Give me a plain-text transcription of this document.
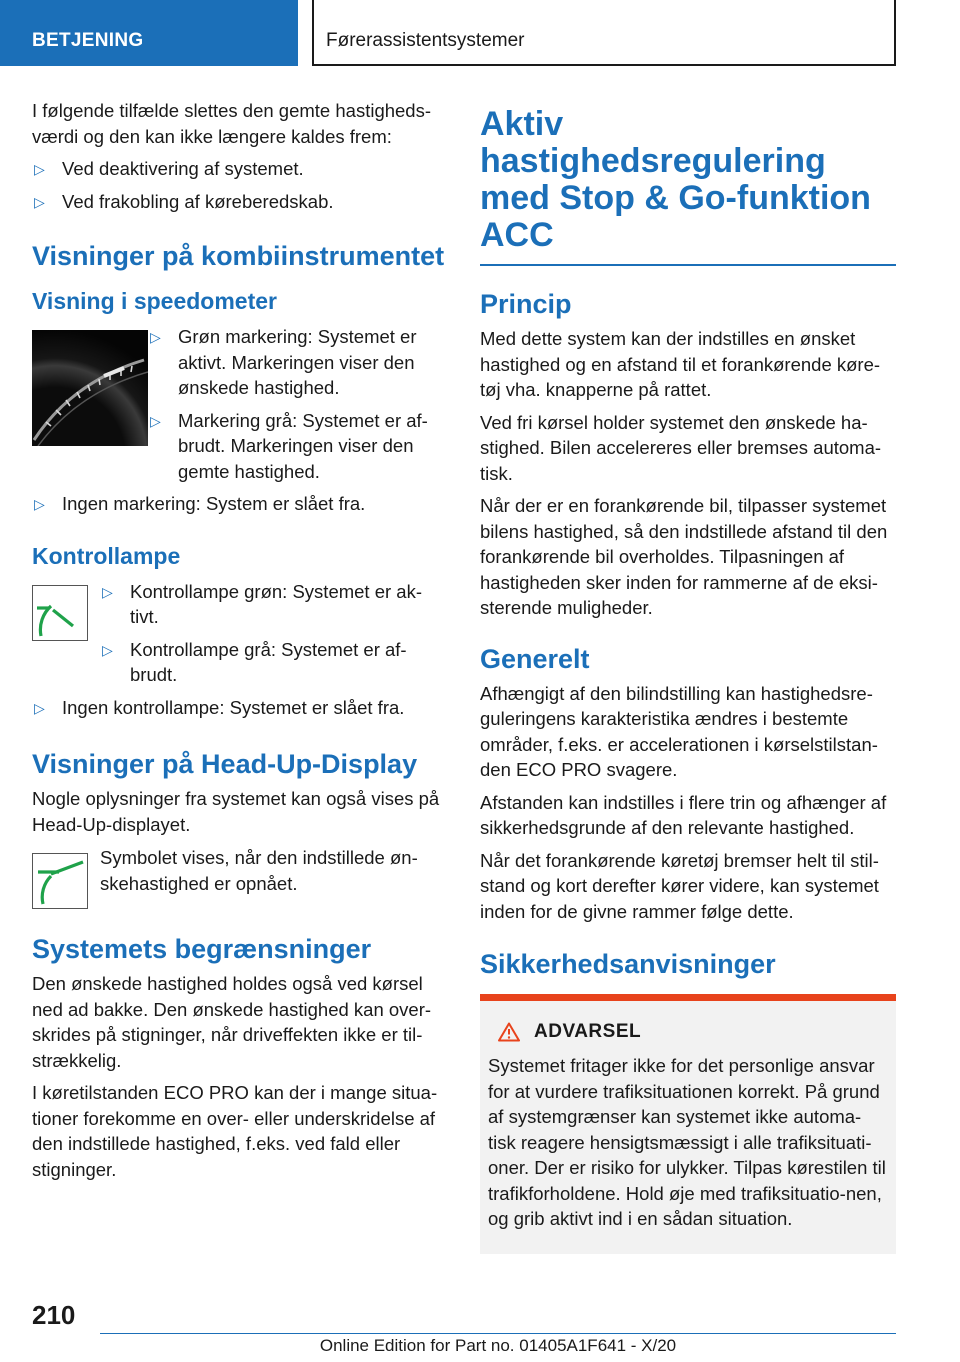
BETJENING	Førerassistentsystemer

I følgende tilfælde slettes den gemte hastigheds‐værdi og den kan ikke længere kaldes frem:

▷ Ved deaktivering af systemet.
▷ Ved frakobling af køreberedskab.
Visninger på kombiinstrumentet
Visning i speedometer
▷ Grøn markering: Systemet er aktivt. Markeringen viser den ønskede hastighed.
▷ Markering grå: Systemet er af‐brudt. Markeringen viser den gemte hastighed.
▷ Ingen markering: System er slået fra.
Kontrollampe
▷ Kontrollampe grøn: Systemet er ak‐tivt.
▷ Kontrollampe grå: Systemet er af‐brudt.
▷ Ingen kontrollampe: Systemet er slået fra.
Visninger på Head-Up-Display

Nogle oplysninger fra systemet kan også vises på Head-Up-displayet.

Symbolet vises, når den indstillede øn‐skehastighed er opnået.

Systemets begrænsninger

Den ønskede hastighed holdes også ved kørsel ned ad bakke. Den ønskede hastighed kan over‐skrides på stigninger, når driveffekten ikke er til‐strækkelig.

I køretilstanden ECO PRO kan der i mange situa‐tioner forekomme en over- eller underskridelse af den indstillede hastighed, f.eks. ved fald eller stigninger.

Aktiv hastighedsregulering med Stop & Go-funktion ACC
Princip

Med dette system kan der indstilles en ønsket hastighed og en afstand til et forankørende køre‐tøj vha. knapperne på rattet.

Ved fri kørsel holder systemet den ønskede ha‐stighed. Bilen accelereres eller bremses automa‐tisk.

Når der er en forankørende bil, tilpasser systemet bilens hastighed, så den indstillede afstand til den forankørende bil overholdes. Tilpasningen af hastigheden sker inden for rammerne af de eksi‐sterende muligheder.

Generelt

Afhængigt af den bilindstilling kan hastighedsre‐guleringens karakteristika ændres i bestemte områder, f.eks. er accelerationen i kørselstilstan‐den ECO PRO svagere.

Afstanden kan indstilles i flere trin og afhænger af sikkerhedsgrunde af den relevante hastighed.

Når det forankørende køretøj bremser helt til stil‐stand og kort derefter kører videre, kan systemet inden for de givne rammer følge dette.

Sikkerhedsanvisninger
ADVARSEL

Systemet fritager ikke for det personlige ansvar for at vurdere trafiksituationen korrekt. På grund af systemgrænser kan systemet ikke automa‐tisk reagere hensigtsmæssigt i alle trafiksituati‐oner. Der er risiko for ulykker. Tilpas kørestilen til trafikforholdene. Hold øje med trafiksituatio‐nen, og grib aktivt ind i en sådan situation.

210
Online Edition for Part no. 01405A1F641 - X/20
